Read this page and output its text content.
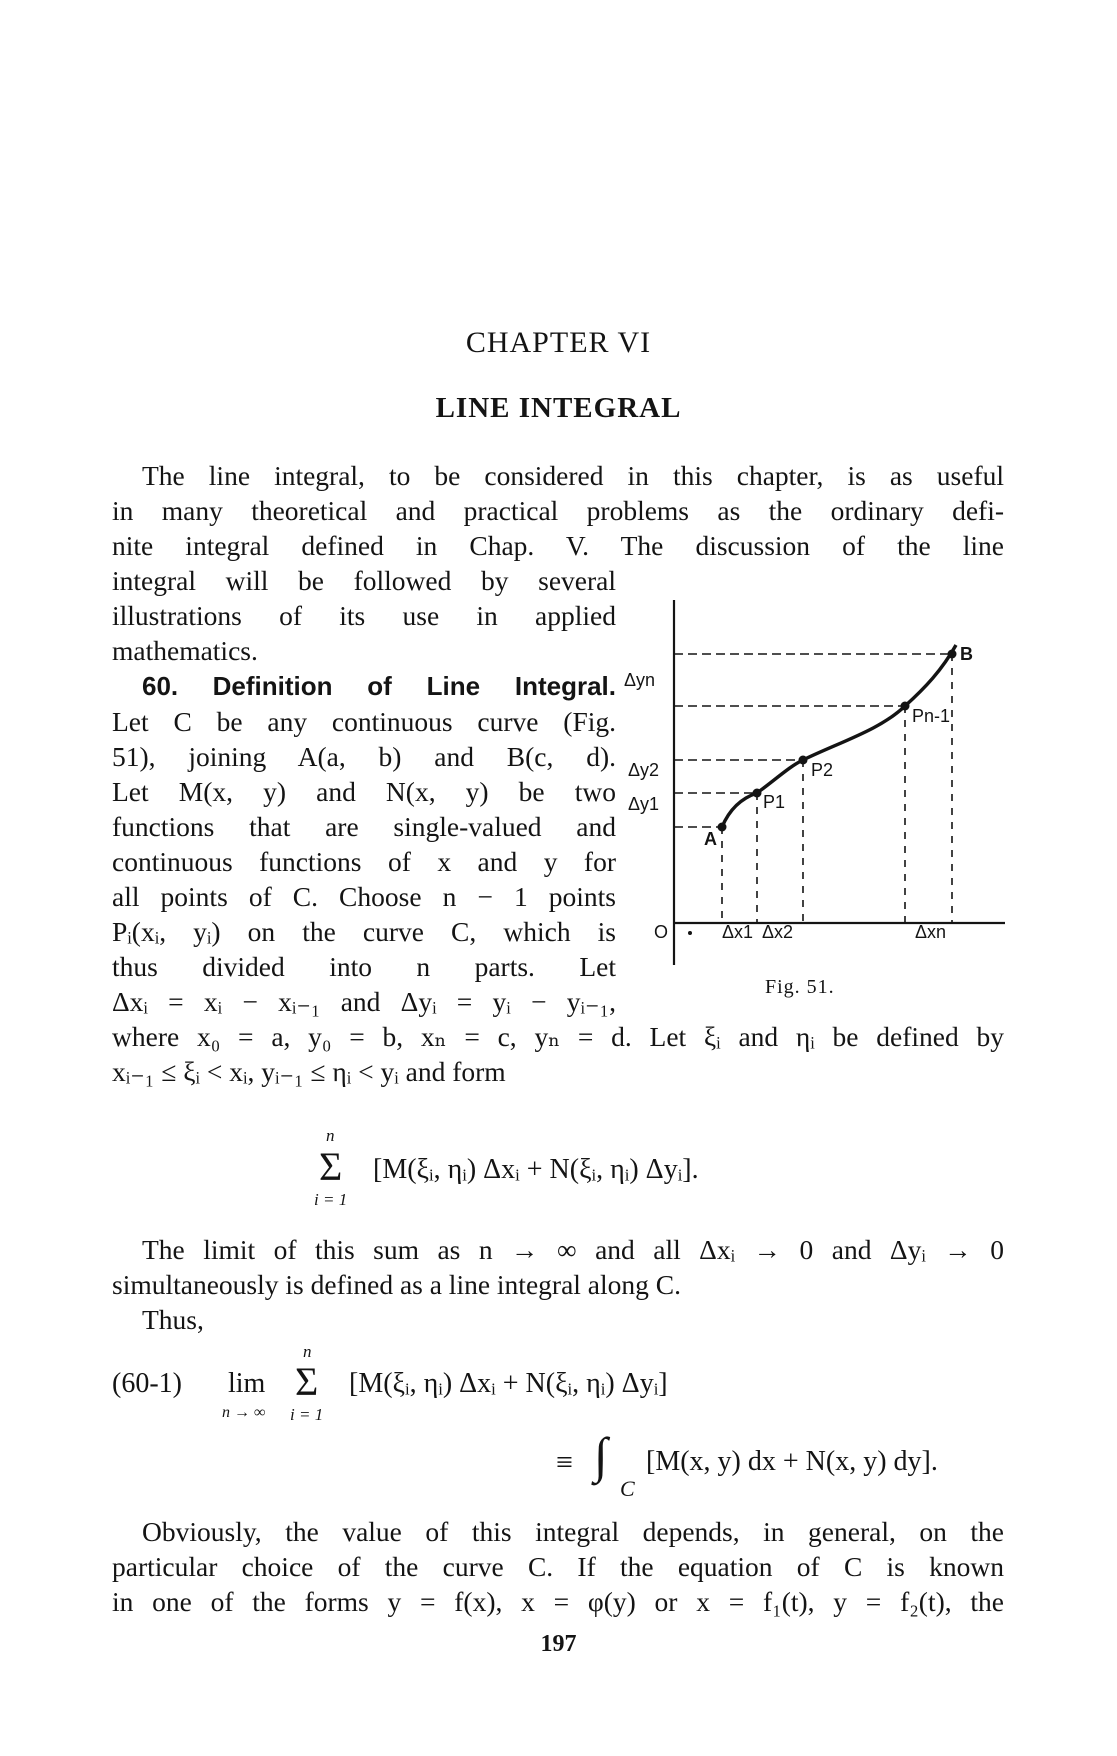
CHAPTER VI
LINE INTEGRAL
The line integral, to be considered in this chapter, is as useful
in many theoretical and practical problems as the ordinary defi-
nite integral defined in Chap. V. The discussion of the line
integral will be followed by several
illustrations of its use in applied
mathematics.
60. Definition of Line Integral.
Let C be any continuous curve (Fig.
51), joining A(a, b) and B(c, d).
Let M(x, y) and N(x, y) be two
functions that are single-valued and
continuous functions of x and y for
all points of C. Choose n − 1 points
Pᵢ(xᵢ, yᵢ) on the curve C, which is
thus divided into n parts. Let
Δxᵢ = xᵢ − xᵢ₋₁ and Δyᵢ = yᵢ − yᵢ₋₁,
where x₀ = a, y₀ = b, xₙ = c, yₙ = d. Let ξᵢ and ηᵢ be defined by
xᵢ₋₁ ≤ ξᵢ < xᵢ, yᵢ₋₁ ≤ ηᵢ < yᵢ and form
B
Pn-1
P2
P1
A
O
Δyn
Δy2
Δy1
Δx1 Δx2	Δxn
Fig. 51.
n
Σ
i = 1
[M(ξᵢ, ηᵢ) Δxᵢ + N(ξᵢ, ηᵢ) Δyᵢ].
The limit of this sum as n → ∞ and all Δxᵢ → 0 and Δyᵢ → 0
simultaneously is defined as a line integral along C.
Thus,
(60-1) lim
n → ∞
n
Σ
i = 1
[M(ξᵢ, ηᵢ) Δxᵢ + N(ξᵢ, ηᵢ) Δyᵢ]
≡ ∫
C
[M(x, y) dx + N(x, y) dy].
Obviously, the value of this integral depends, in general, on the
particular choice of the curve C. If the equation of C is known
in one of the forms y = f(x), x = φ(y) or x = f₁(t), y = f₂(t), the
197
